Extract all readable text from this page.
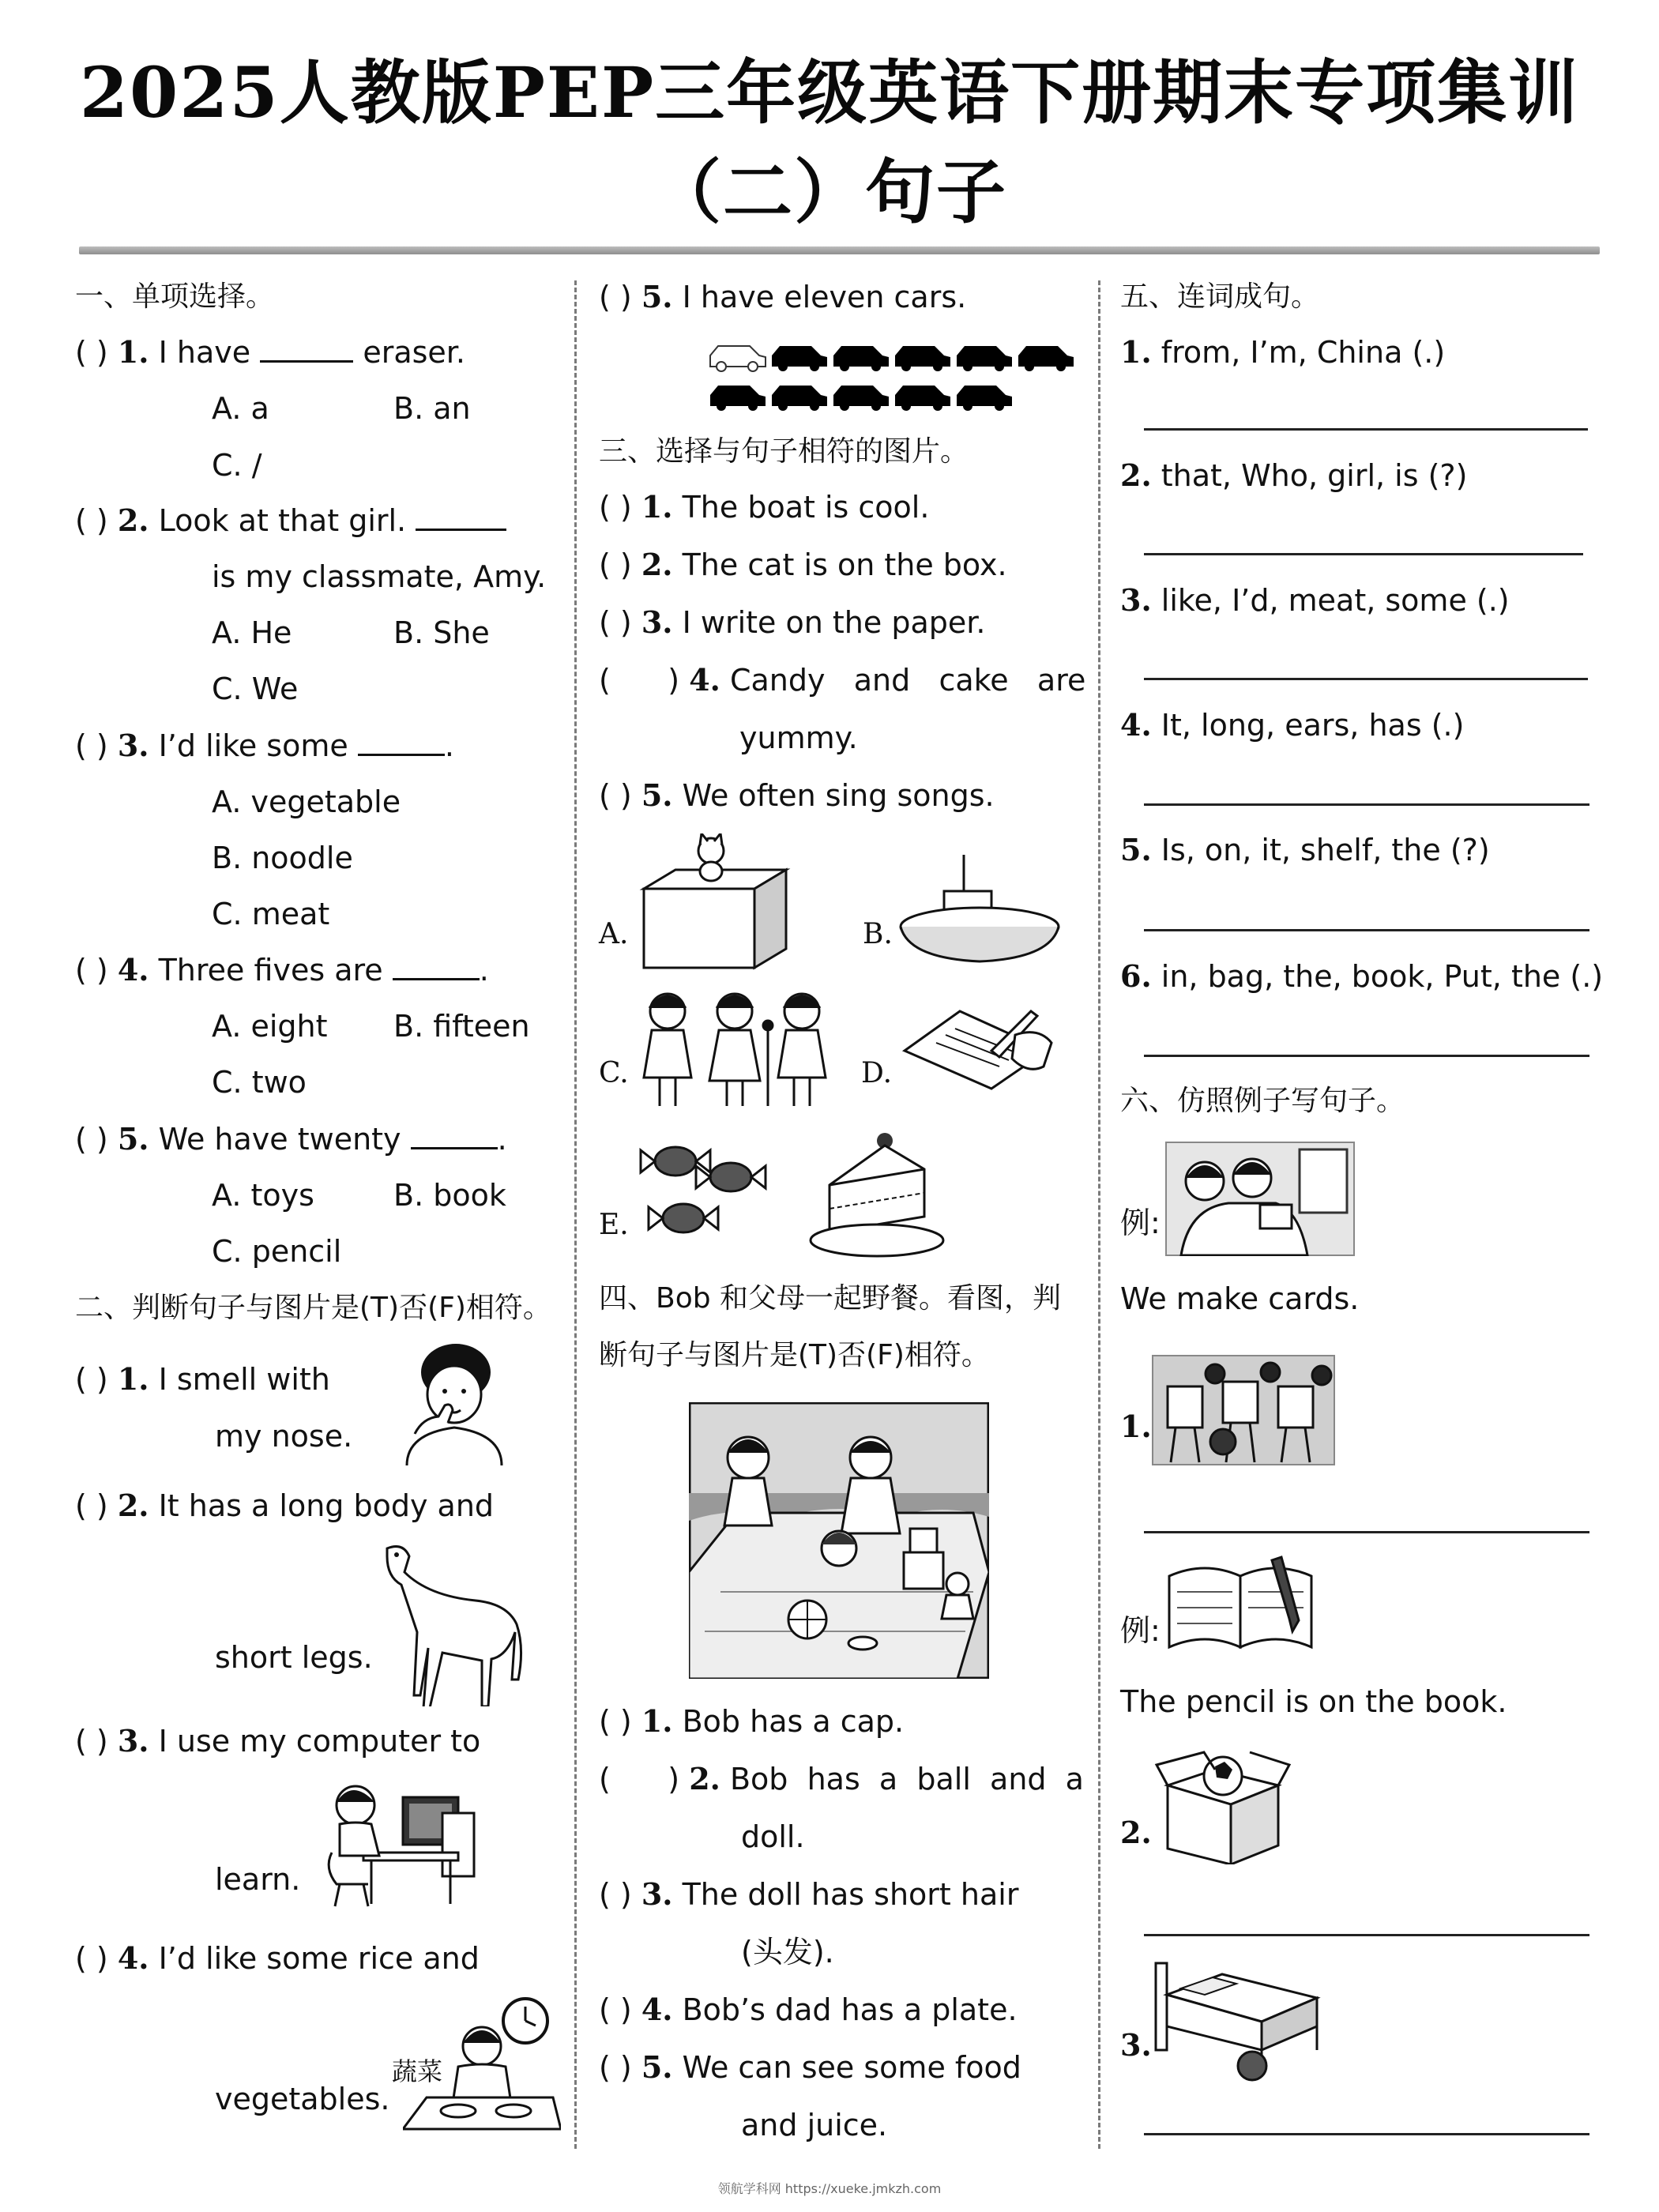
2025人教版PEP三年级英语下册期末专项集训
（二）句子
一、单项选择。
( ) 1. I have	eraser.
A. a	B. an
C. /
( ) 2. Look at that girl.
is my classmate, Amy.
A. He	B. She
C. We
( ) 3. I’d like some	.
A. vegetable
B. noodle
C. meat
( ) 4. Three fives are	.
A. eight B. fifteen
C. two
( ) 5. We have twenty	.
A. toys	B. book
C. pencil
二、判断句子与图片是(T)否(F)相符。
( ) 1. I smell with
my nose.
( ) 2. It has a long body and
short legs.
( ) 3. I use my computer to
learn.
( ) 4. I’d like some rice and
vegetables.
蔬菜
( ) 5. I have eleven cars.
三、选择与句子相符的图片。
( ) 1. The boat is cool.
( ) 2. The cat is on the box.
( ) 3. I write on the paper.
(      ) 4. Candy   and   cake   are
yummy.
( ) 5. We often sing songs.
A.	B.
C.	D.
E.
四、Bob 和父母一起野餐。看图，判
断句子与图片是(T)否(F)相符。
( ) 1. Bob has a cap.
(      ) 2. Bob  has  a  ball  and  a
doll.
( ) 3. The doll has short hair
(头发).
( ) 4. Bob’s dad has a plate.
( ) 5. We can see some food
and juice.
五、连词成句。
1. from, I’m, China (.)
2. that, Who, girl, is (?)
3. like, I’d, meat, some (.)
4. It, long, ears, has (.)
5. Is, on, it, shelf, the (?)
6. in, bag, the, book, Put, the (.)
六、仿照例子写句子。
例:
We make cards.
1.
例:
The pencil is on the book.
2.
3.
领航学科网 https://xueke.jmkzh.com
